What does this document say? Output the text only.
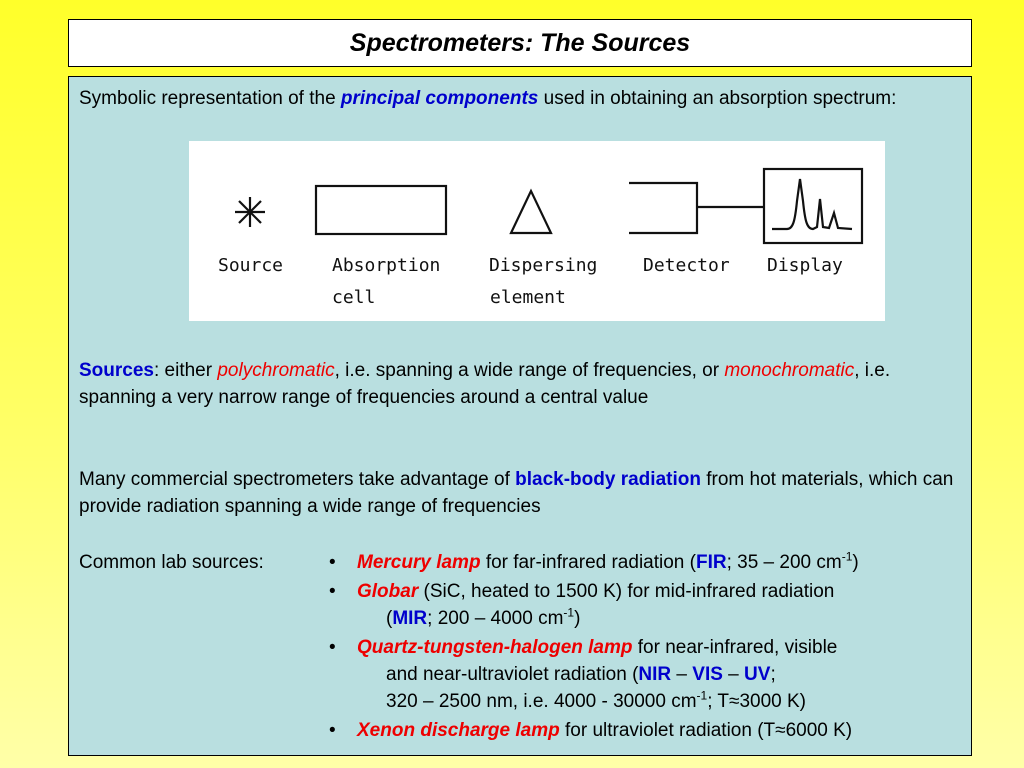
Spectrometers: The Sources

Symbolic representation of the principal components used in obtaining an absorption spectrum:

Source	Absorption
cell
Dispersing
element
Detector Display

Sources: either polychromatic, i.e. spanning a wide range of frequencies, or monochromatic, i.e. spanning a very narrow range of frequencies around a central value

Many commercial spectrometers take advantage of black-body radiation from hot materials, which can provide radiation spanning a wide range of frequencies

Common lab sources:	• Mercury lamp for far-infrared radiation (FIR; 35 – 200 $cm^{-1}$)
• Globar (SiC, heated to 1500 K) for mid-infrared radiation
(MIR; 200 – 4000 $cm^{-1}$)
• Quartz-tungsten-halogen lamp for near-infrared, visible
and near-ultraviolet radiation (NIR – VIS – UV;
320 – 2500 nm, i.e. 4000 - 30000 $cm^{-1}$; T≈3000 K)
• Xenon discharge lamp for ultraviolet radiation (T≈6000 K)
